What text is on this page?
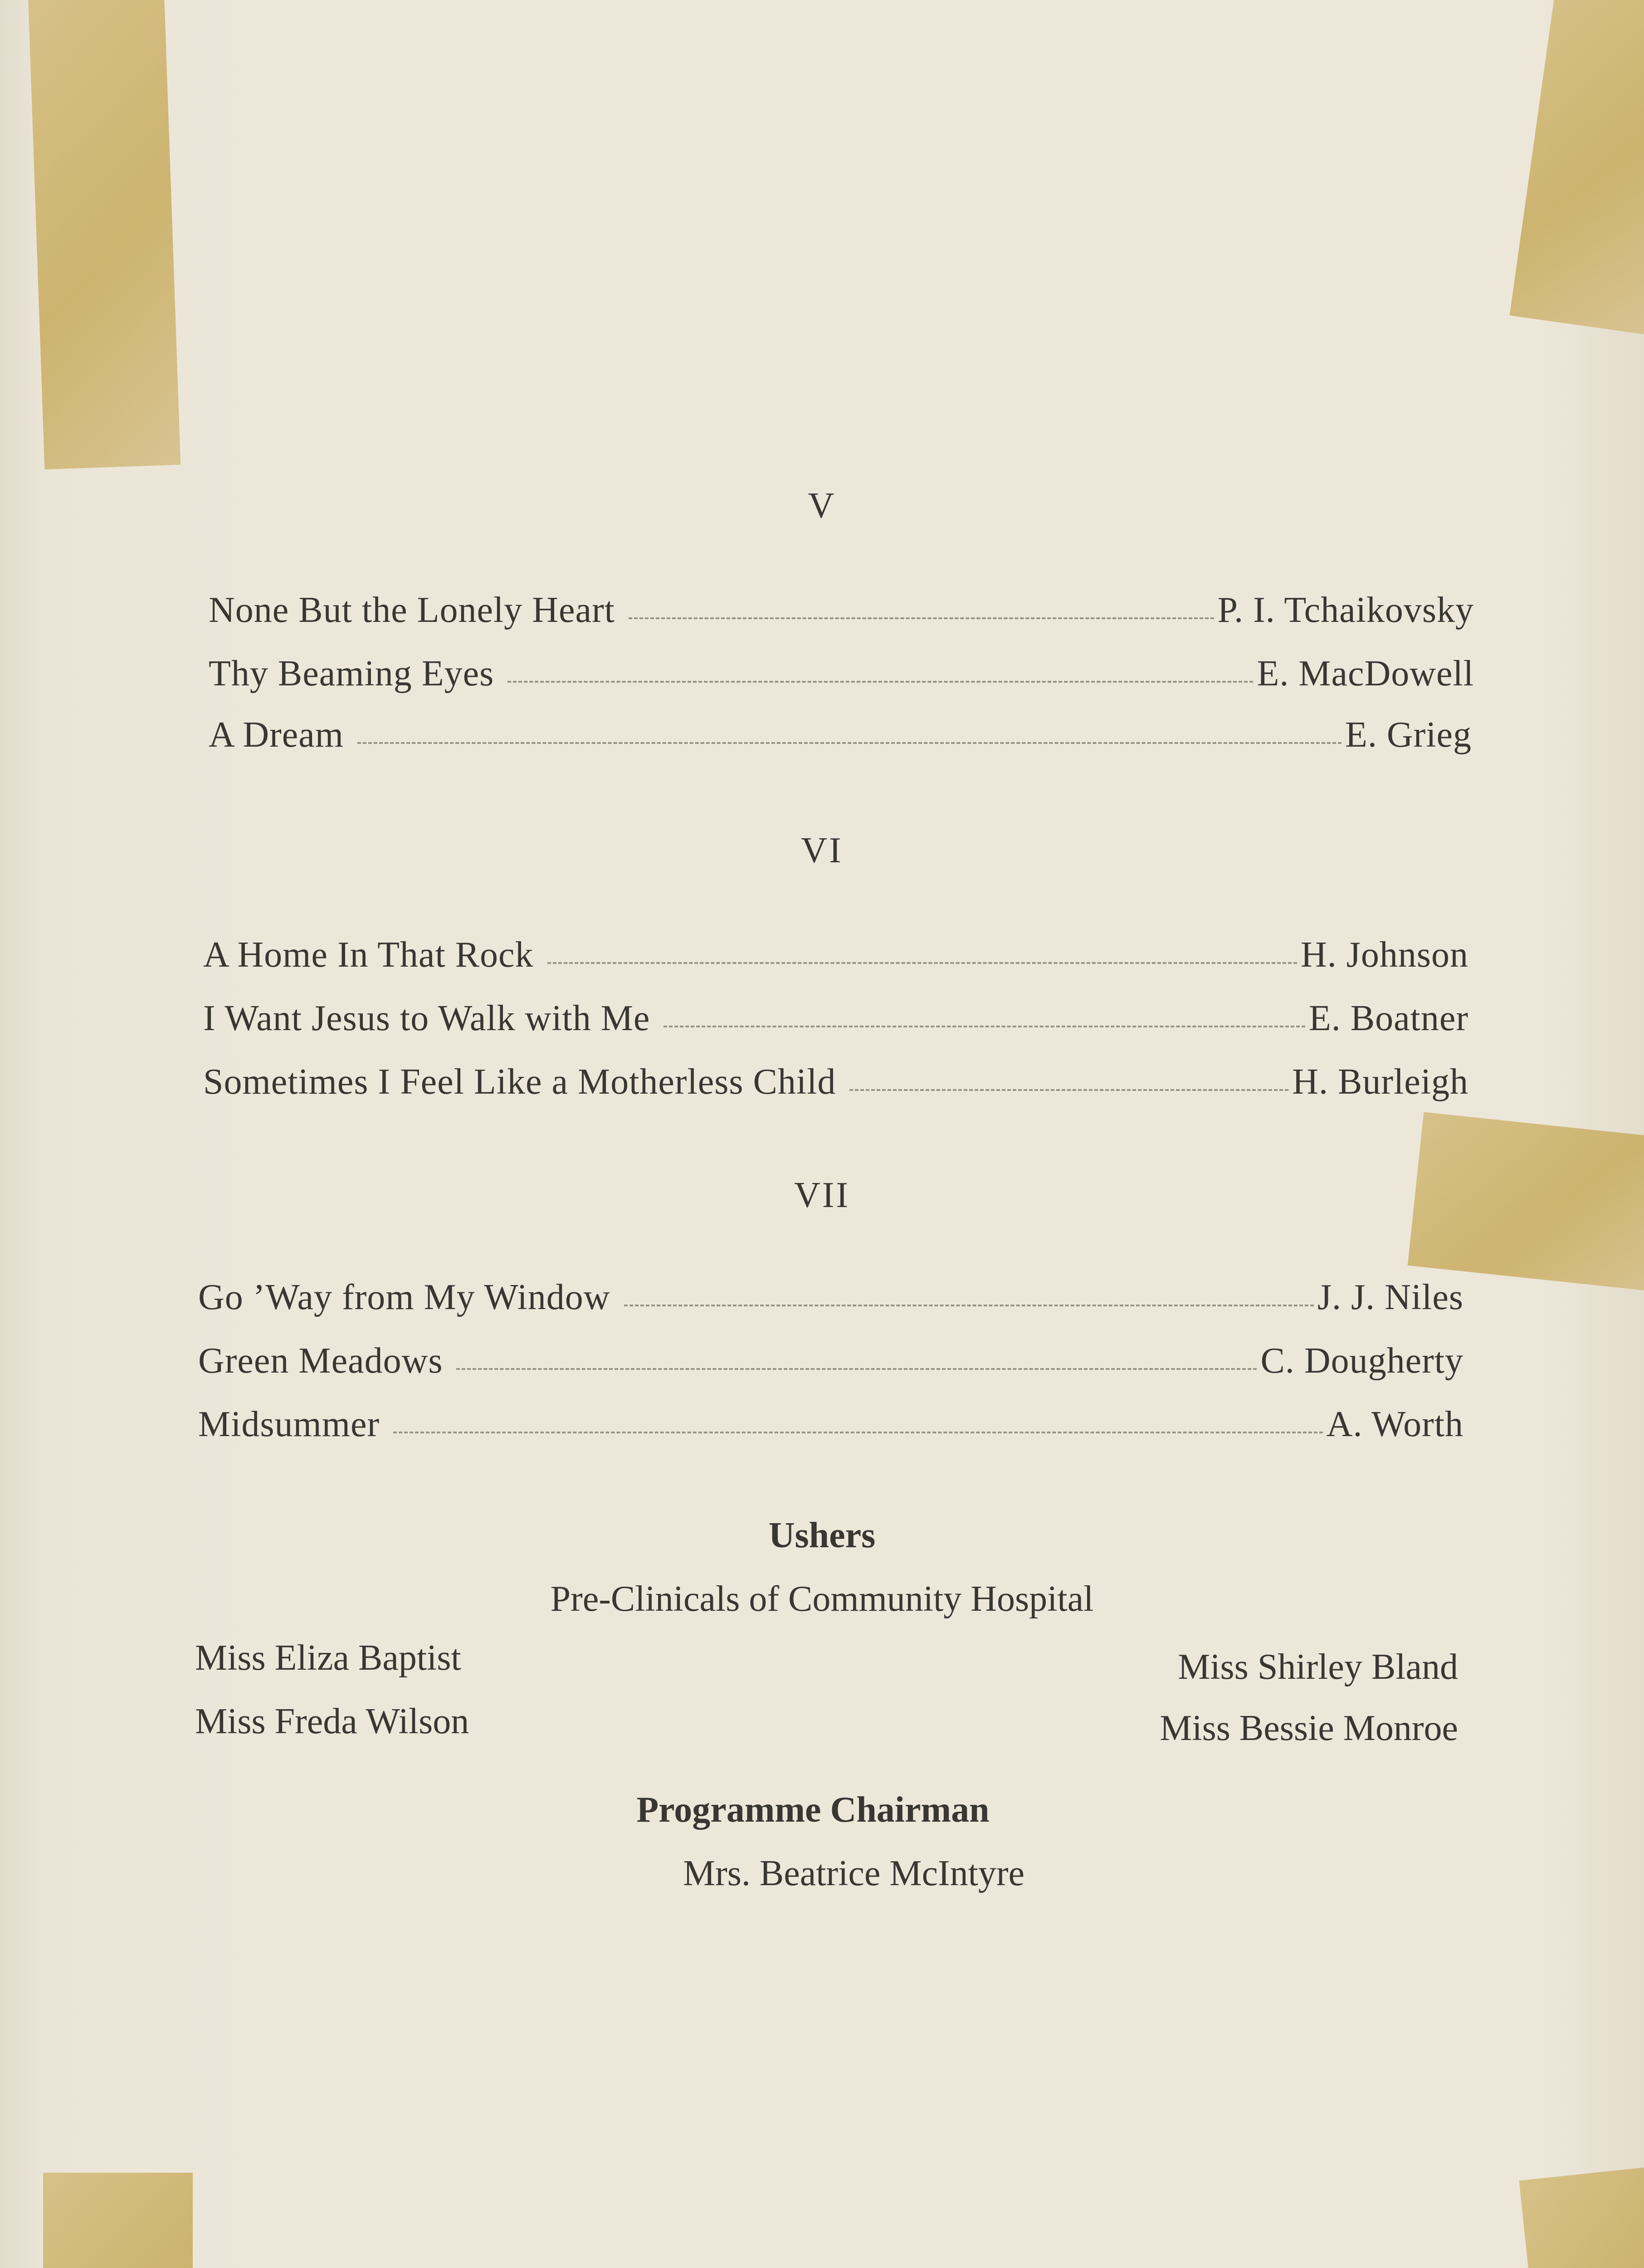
V
None But the Lonely Heart	P. I. Tchaikovsky
Thy Beaming Eyes	E. MacDowell
A Dream	E. Grieg
VI
A Home In That Rock	H. Johnson
I Want Jesus to Walk with Me	E. Boatner
Sometimes I Feel Like a Motherless Child	H. Burleigh
VII
Go ’Way from My Window	J. J. Niles
Green Meadows	C. Dougherty
Midsummer	A. Worth
Ushers
Pre-Clinicals of Community Hospital
Miss Eliza Baptist	Miss Shirley Bland
Miss Freda Wilson	Miss Bessie Monroe
Programme Chairman
Mrs. Beatrice McIntyre
